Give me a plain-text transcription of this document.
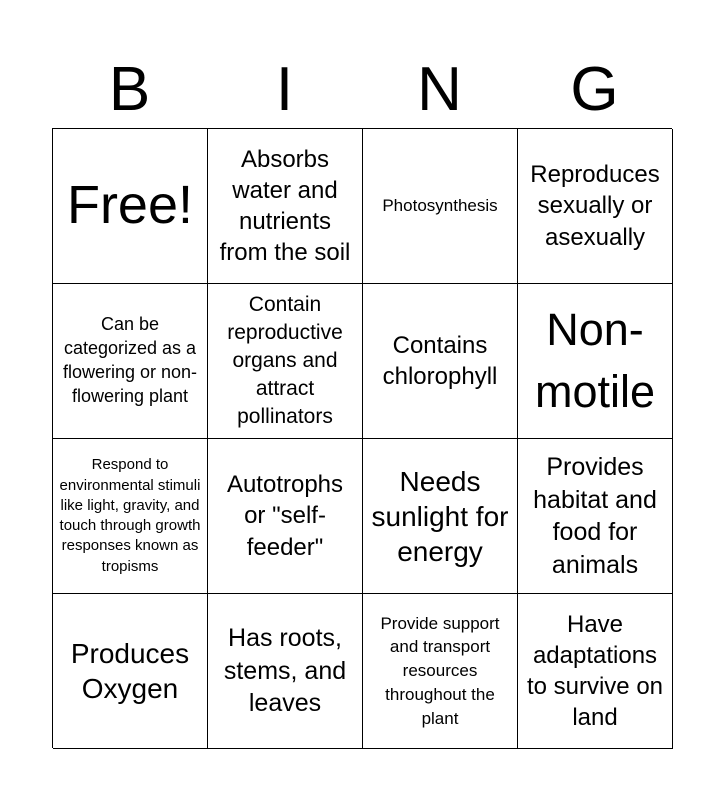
B	I	N	G
Free!
Absorbs water and nutrients from the soil
Photosynthesis
Reproduces sexually or asexually
Can be categorized as a flowering or non-flowering plant
Contain reproductive organs and attract pollinators
Contains chlorophyll
Non-motile
Respond to environmental stimuli like light, gravity, and touch through growth responses known as tropisms
Autotrophs or "self-feeder"
Needs sunlight for energy
Provides habitat and food for animals
Produces Oxygen
Has roots, stems, and leaves
Provide support and transport resources throughout the plant
Have adaptations to survive on land
